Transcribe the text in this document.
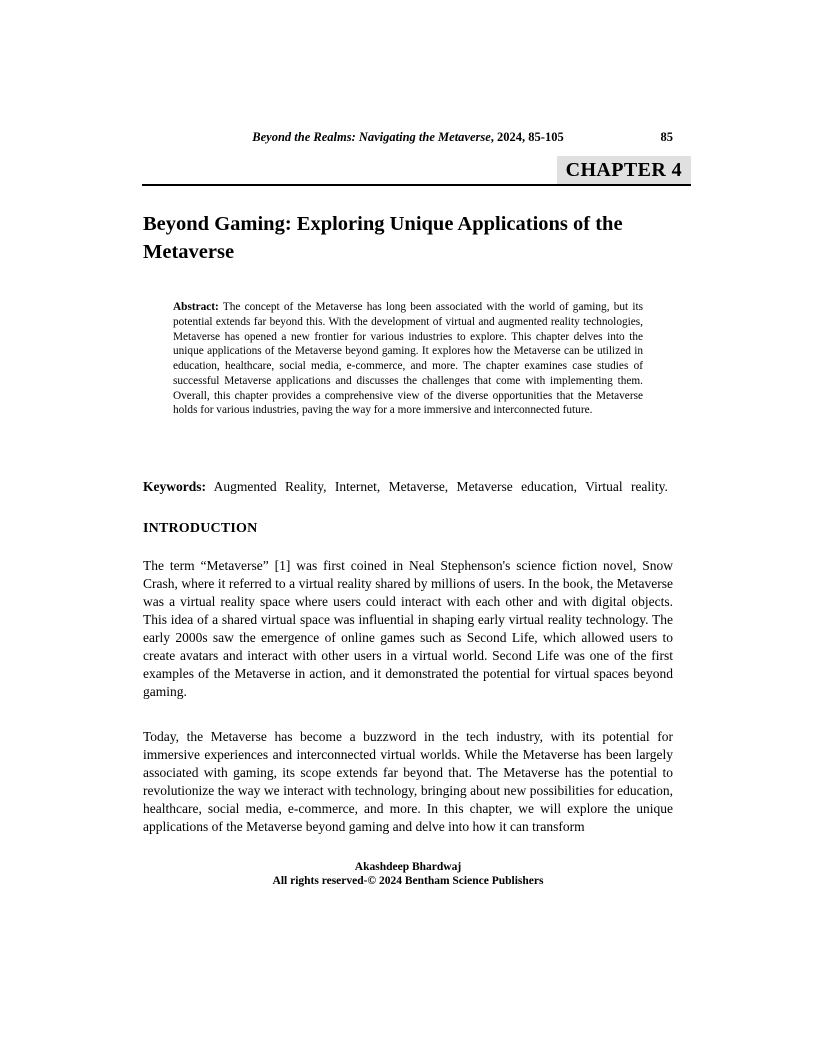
Beyond the Realms: Navigating the Metaverse, 2024, 85-105	85
CHAPTER 4
Beyond Gaming: Exploring Unique Applications of the Metaverse

Abstract: The concept of the Metaverse has long been associated with the world of gaming, but its potential extends far beyond this. With the development of virtual and augmented reality technologies, Metaverse has opened a new frontier for various industries to explore. This chapter delves into the unique applications of the Metaverse beyond gaming. It explores how the Metaverse can be utilized in education, healthcare, social media, e-commerce, and more. The chapter examines case studies of successful Metaverse applications and discusses the challenges that come with implementing them. Overall, this chapter provides a comprehensive view of the diverse opportunities that the Metaverse holds for various industries, paving the way for a more immersive and interconnected future.

Keywords: Augmented Reality, Internet, Metaverse, Metaverse education, Virtual reality.

INTRODUCTION

The term “Metaverse” [1] was first coined in Neal Stephenson's science fiction novel, Snow Crash, where it referred to a virtual reality shared by millions of users. In the book, the Metaverse was a virtual reality space where users could interact with each other and with digital objects. This idea of a shared virtual space was influential in shaping early virtual reality technology. The early 2000s saw the emergence of online games such as Second Life, which allowed users to create avatars and interact with other users in a virtual world. Second Life was one of the first examples of the Metaverse in action, and it demonstrated the potential for virtual spaces beyond gaming.

Today, the Metaverse has become a buzzword in the tech industry, with its potential for immersive experiences and interconnected virtual worlds. While the Metaverse has been largely associated with gaming, its scope extends far beyond that. The Metaverse has the potential to revolutionize the way we interact with technology, bringing about new possibilities for education, healthcare, social media, e-commerce, and more. In this chapter, we will explore the unique applications of the Metaverse beyond gaming and delve into how it can transform

Akashdeep Bhardwaj
All rights reserved-© 2024 Bentham Science Publishers
